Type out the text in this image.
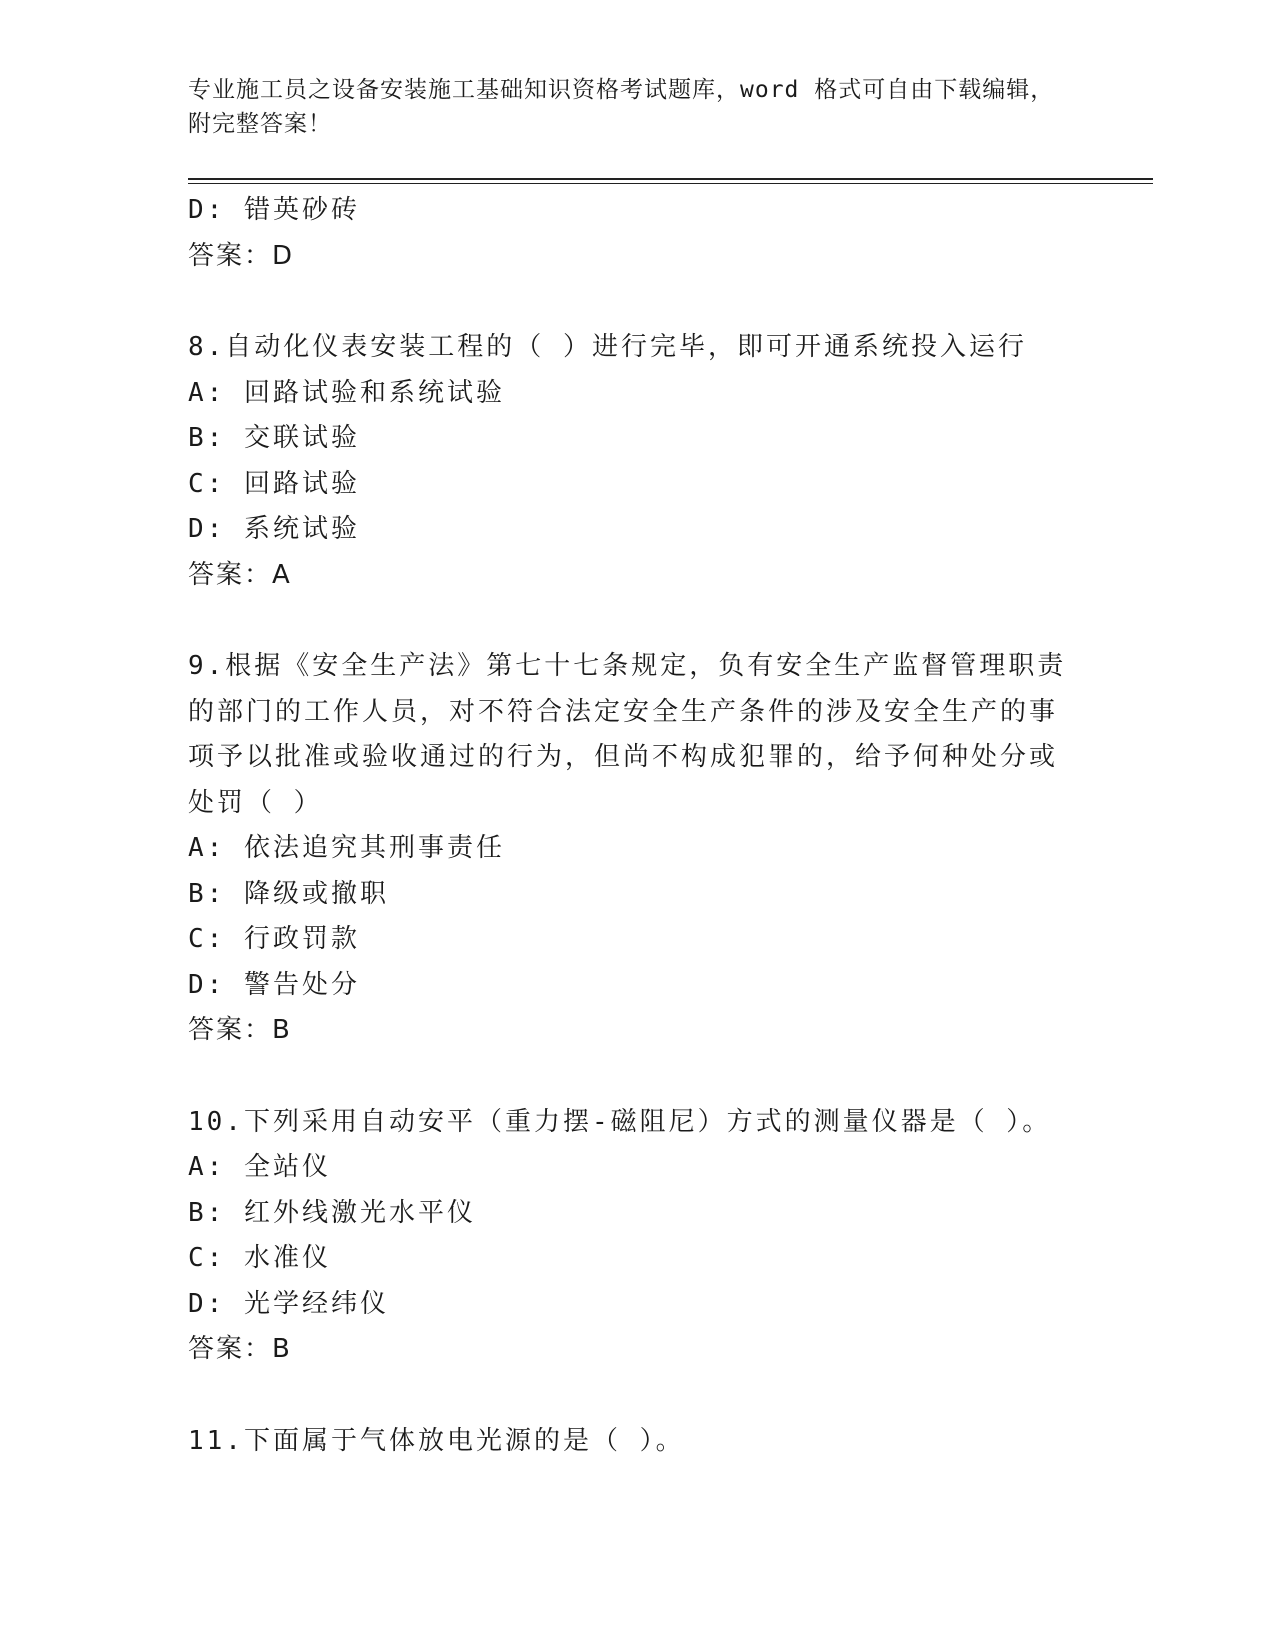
专业施工员之设备安装施工基础知识资格考试题库，word 格式可自由下载编辑，
附完整答案！
D: 错英砂砖
答案：D
8.自动化仪表安装工程的（ ）进行完毕，即可开通系统投入运行
A: 回路试验和系统试验
B: 交联试验
C: 回路试验
D: 系统试验
答案：A
9.根据《安全生产法》第七十七条规定，负有安全生产监督管理职责
的部门的工作人员，对不符合法定安全生产条件的涉及安全生产的事
项予以批准或验收通过的行为，但尚不构成犯罪的，给予何种处分或
处罚（ ）
A: 依法追究其刑事责任
B: 降级或撤职
C: 行政罚款
D: 警告处分
答案：B
10.下列采用自动安平（重力摆-磁阻尼）方式的测量仪器是（ ）。
A: 全站仪
B: 红外线激光水平仪
C: 水准仪
D: 光学经纬仪
答案：B
11.下面属于气体放电光源的是（ ）。
